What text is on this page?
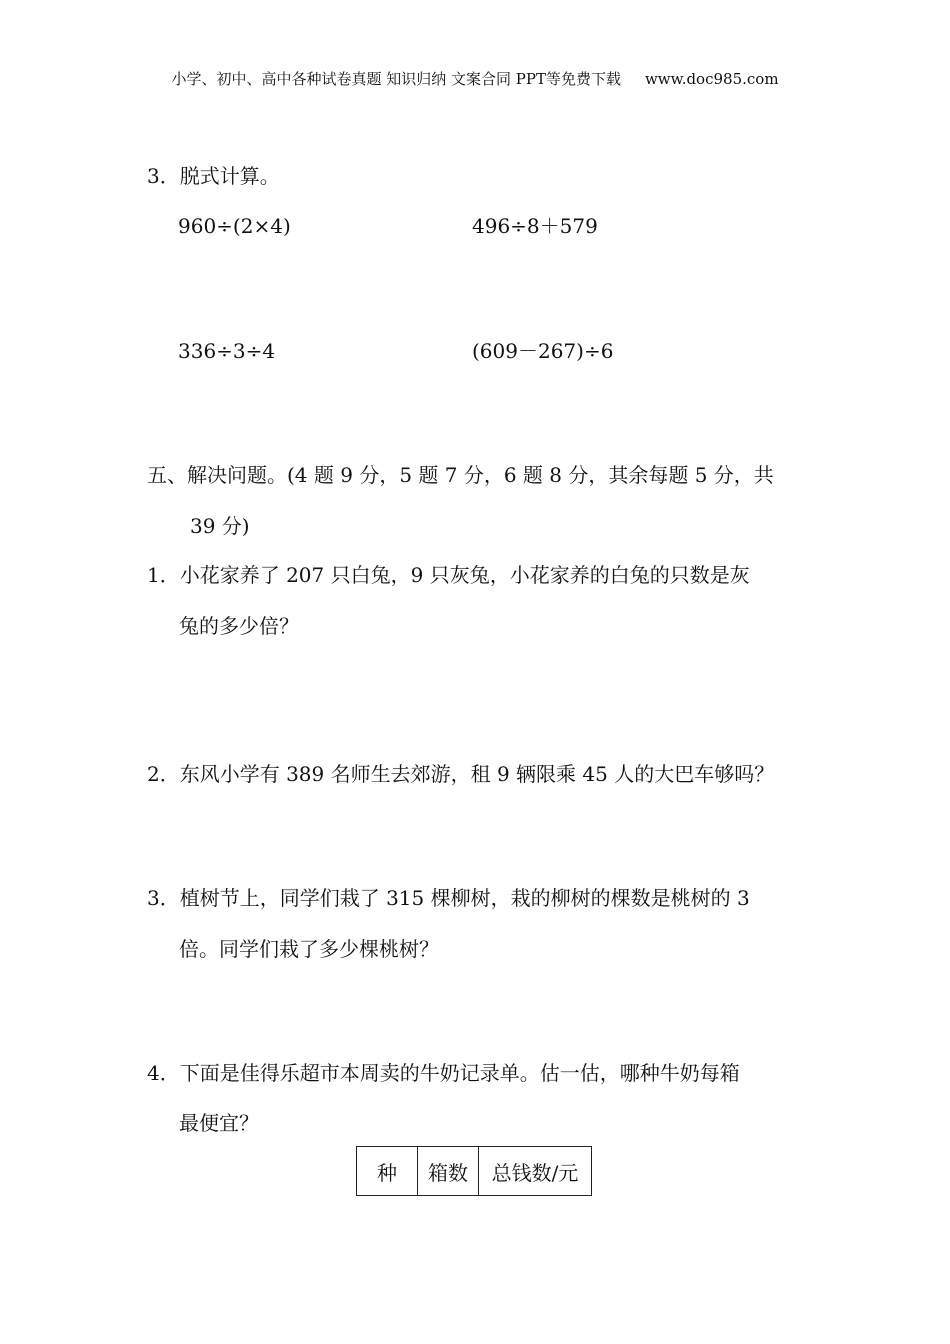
小学、初中、高中各种试卷真题 知识归纳 文案合同 PPT等免费下载 www.doc985.com
3．脱式计算。
960÷(2×4)	496÷8＋579
336÷3÷4	(609－267)÷6
五、解决问题。(4 题 9 分，5 题 7 分，6 题 8 分，其余每题 5 分，共
39 分)
1．小花家养了 207 只白兔，9 只灰兔，小花家养的白兔的只数是灰
兔的多少倍？
2．东风小学有 389 名师生去郊游，租 9 辆限乘 45 人的大巴车够吗？
3．植树节上，同学们栽了 315 棵柳树，栽的柳树的棵数是桃树的 3
倍。同学们栽了多少棵桃树？
4．下面是佳得乐超市本周卖的牛奶记录单。估一估，哪种牛奶每箱
最便宜？
种	箱数	总钱数/元
